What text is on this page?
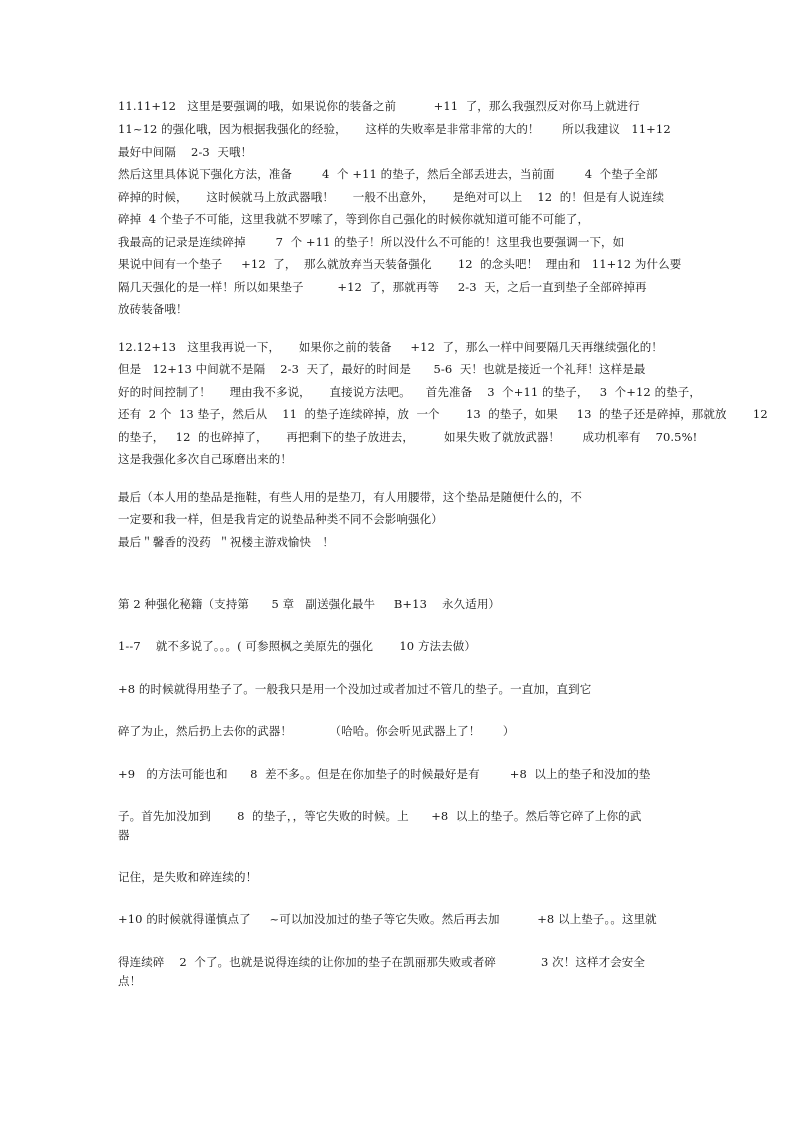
11.11+12   这里是要强调的哦，如果说你的装备之前          +11  了，那么我强烈反对你马上就进行
11~12 的强化哦，因为根据我强化的经验，     这样的失败率是非常非常的大的！      所以我建议   11+12
最好中间隔    2-3  天哦！
然后这里具体说下强化方法，准备        4  个 +11 的垫子，然后全部丢进去，当前面        4  个垫子全部
碎掉的时候，     这时候就马上放武器哦！     一般不出意外，     是绝对可以上    12  的！但是有人说连续
碎掉  4 个垫子不可能，这里我就不罗嗦了，等到你自己强化的时候你就知道可能不可能了，
我最高的记录是连续碎掉        7  个 +11 的垫子！所以没什么不可能的！这里我也要强调一下，如
果说中间有一个垫子     +12  了，  那么就放弃当天装备强化       12  的念头吧！  理由和   11+12 为什么要
隔几天强化的是一样！所以如果垫子         +12  了，那就再等     2-3  天，之后一直到垫子全部碎掉再
放砖装备哦！
12.12+13   这里我再说一下，     如果你之前的装备     +12  了，那么一样中间要隔几天再继续强化的！
但是   12+13 中间就不是隔    2-3  天了，最好的时间是      5-6  天！也就是接近一个礼拜！这样是最
好的时间控制了！     理由我不多说，     直接说方法吧。    首先准备    3  个+11 的垫子，   3  个+12 的垫子，
还有  2 个  13 垫子，然后从    11  的垫子连续碎掉，放  一个       13  的垫子，如果     13  的垫子还是碎掉，那就放       12
的垫子，   12  的也碎掉了，     再把剩下的垫子放进去，        如果失败了就放武器！      成功机率有    70.5%!
这是我强化多次自己琢磨出来的！
最后（本人用的垫品是拖鞋，有些人用的是垫刀，有人用腰带，这个垫品是随便什么的，不
一定要和我一样，但是我肯定的说垫品种类不同不会影响强化）
最后＂馨香的没药  ＂祝楼主游戏愉快   ！
第 2 种强化秘籍（支持第      5 章   副送强化最牛     B+13    永久适用）
1--7    就不多说了。。。( 可参照枫之美原先的强化       10 方法去做）
+8 的时候就得用垫子了。一般我只是用一个没加过或者加过不管几的垫子。一直加，直到它
碎了为止，然后扔上去你的武器！          （哈哈。你会听见武器上了！      ）
+9   的方法可能也和      8  差不多。。但是在你加垫子的时候最好是有        +8  以上的垫子和没加的垫
子。首先加没加到       8  的垫子，，等它失败的时候。上      +8  以上的垫子。然后等它碎了上你的武
器
记住，是失败和碎连续的！
+10 的时候就得谨慎点了     ~可以加没加过的垫子等它失败。然后再去加          +8 以上垫子。。这里就
得连续碎    2  个了。也就是说得连续的让你加的垫子在凯丽那失败或者碎            3 次！这样才会安全
点！
